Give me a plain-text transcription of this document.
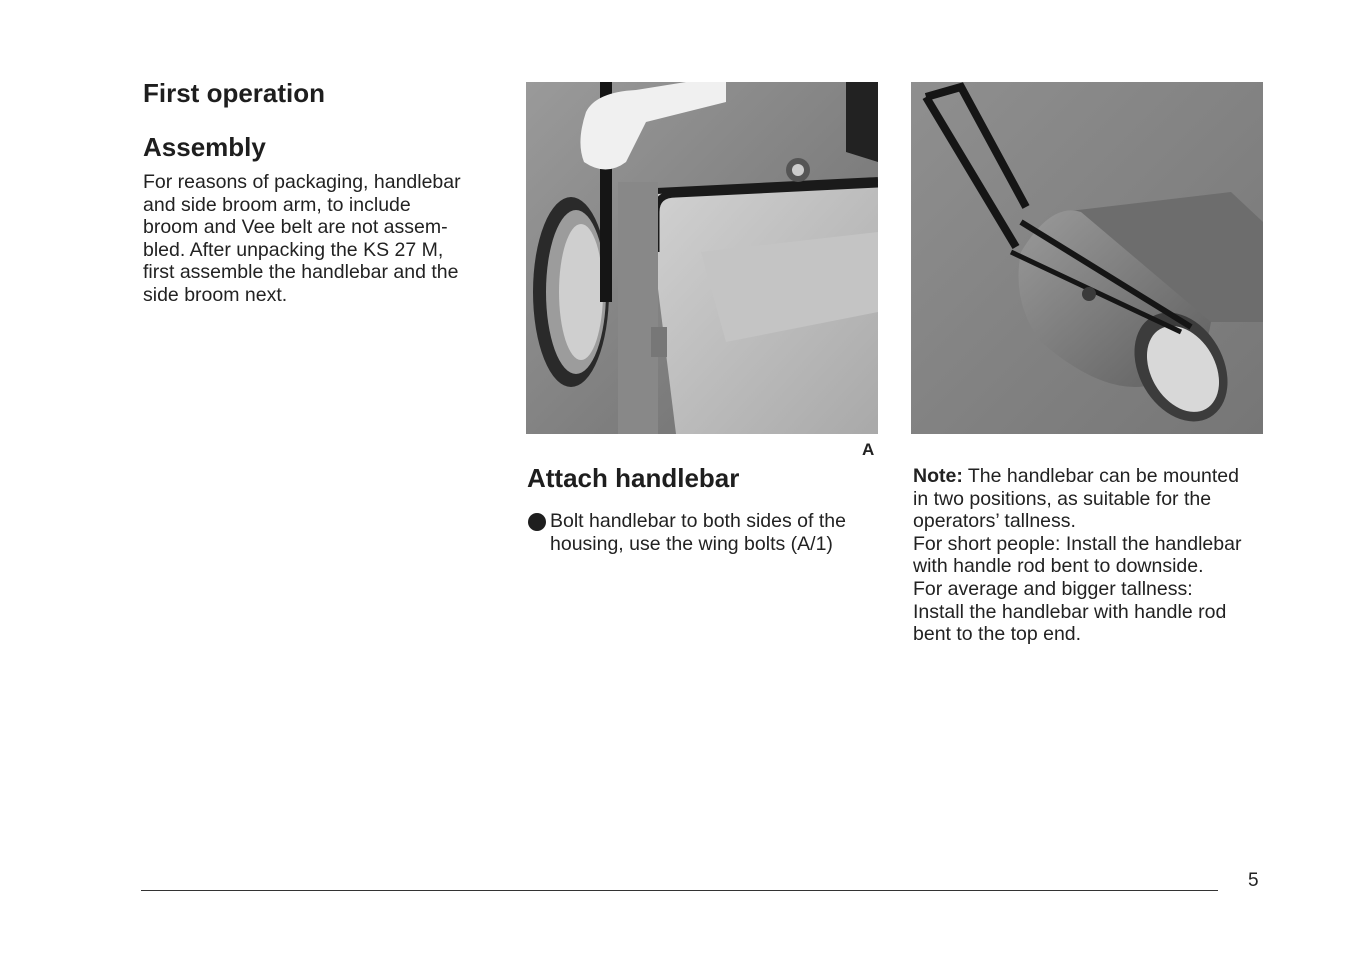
First operation
Assembly

For reasons of packaging, handlebar
and side broom arm, to include
broom and Vee belt are not assem-
bled. After unpacking the KS 27 M,
first assemble the handlebar and the
side broom next.

A
Attach handlebar
Bolt handlebar to both sides of the
housing, use the wing bolts (A/1)
Note: The handlebar can be mounted
in two positions, as suitable for the
operators’ tallness.
For short people: Install the handlebar
with handle rod bent to downside.
For average and bigger tallness:
Install the handlebar with handle rod
bent to the top end.
5
